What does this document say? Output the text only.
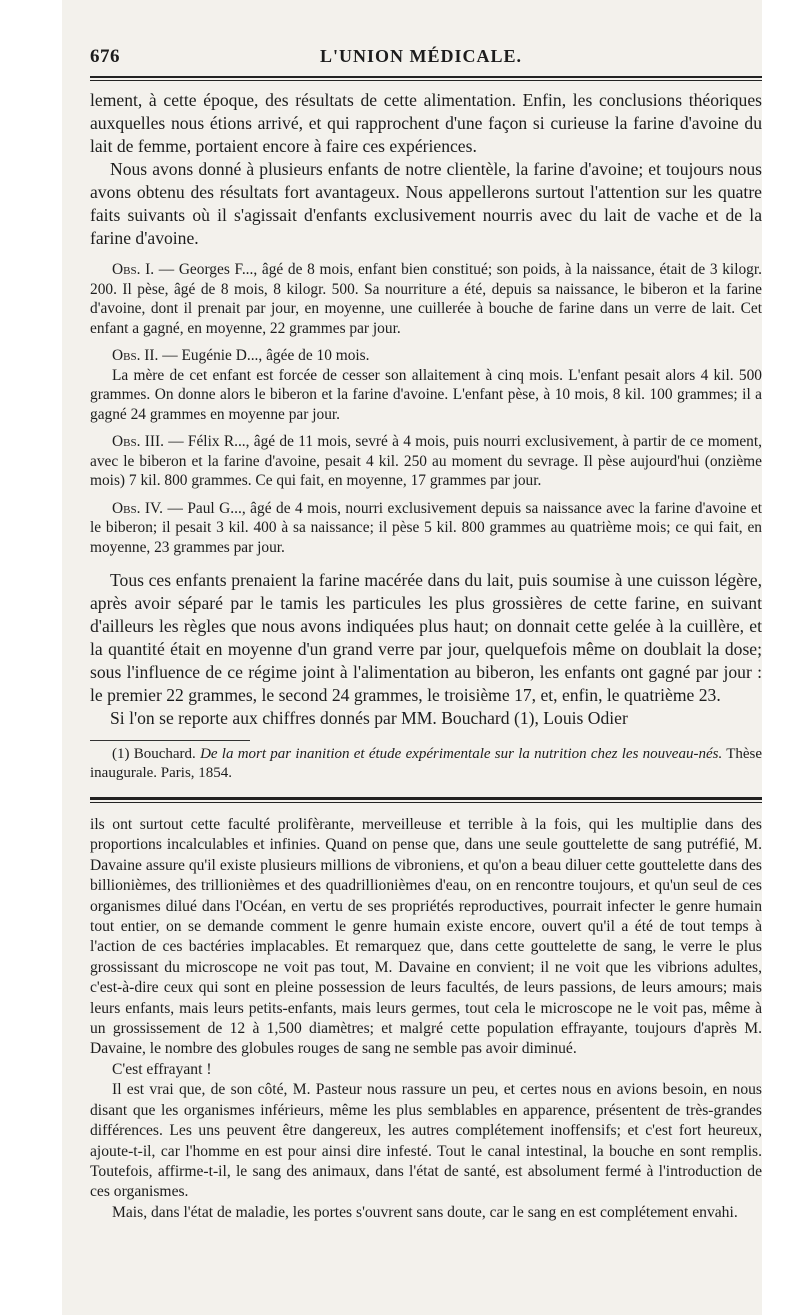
676	L'UNION MÉDICALE.

lement, à cette époque, des résultats de cette alimentation. Enfin, les conclusions théoriques auxquelles nous étions arrivé, et qui rapprochent d'une façon si curieuse la farine d'avoine du lait de femme, portaient encore à faire ces expériences.

Nous avons donné à plusieurs enfants de notre clientèle, la farine d'avoine; et toujours nous avons obtenu des résultats fort avantageux. Nous appellerons surtout l'attention sur les quatre faits suivants où il s'agissait d'enfants exclusivement nourris avec du lait de vache et de la farine d'avoine.

Obs. I. — Georges F..., âgé de 8 mois, enfant bien constitué; son poids, à la naissance, était de 3 kilogr. 200. Il pèse, âgé de 8 mois, 8 kilogr. 500. Sa nourriture a été, depuis sa naissance, le biberon et la farine d'avoine, dont il prenait par jour, en moyenne, une cuillerée à bouche de farine dans un verre de lait. Cet enfant a gagné, en moyenne, 22 grammes par jour.

Obs. II. — Eugénie D..., âgée de 10 mois.

La mère de cet enfant est forcée de cesser son allaitement à cinq mois. L'enfant pesait alors 4 kil. 500 grammes. On donne alors le biberon et la farine d'avoine. L'enfant pèse, à 10 mois, 8 kil. 100 grammes; il a gagné 24 grammes en moyenne par jour.

Obs. III. — Félix R..., âgé de 11 mois, sevré à 4 mois, puis nourri exclusivement, à partir de ce moment, avec le biberon et la farine d'avoine, pesait 4 kil. 250 au moment du sevrage. Il pèse aujourd'hui (onzième mois) 7 kil. 800 grammes. Ce qui fait, en moyenne, 17 grammes par jour.

Obs. IV. — Paul G..., âgé de 4 mois, nourri exclusivement depuis sa naissance avec la farine d'avoine et le biberon; il pesait 3 kil. 400 à sa naissance; il pèse 5 kil. 800 grammes au quatrième mois; ce qui fait, en moyenne, 23 grammes par jour.

Tous ces enfants prenaient la farine macérée dans du lait, puis soumise à une cuisson légère, après avoir séparé par le tamis les particules les plus grossières de cette farine, en suivant d'ailleurs les règles que nous avons indiquées plus haut; on donnait cette gelée à la cuillère, et la quantité était en moyenne d'un grand verre par jour, quelquefois même on doublait la dose; sous l'influence de ce régime joint à l'alimentation au biberon, les enfants ont gagné par jour : le premier 22 grammes, le second 24 grammes, le troisième 17, et, enfin, le quatrième 23.

Si l'on se reporte aux chiffres donnés par MM. Bouchard (1), Louis Odier

(1) Bouchard. De la mort par inanition et étude expérimentale sur la nutrition chez les nouveau-nés. Thèse inaugurale. Paris, 1854.

ils ont surtout cette faculté prolifèrante, merveilleuse et terrible à la fois, qui les multiplie dans des proportions incalculables et infinies. Quand on pense que, dans une seule gouttelette de sang putréfié, M. Davaine assure qu'il existe plusieurs millions de vibroniens, et qu'on a beau diluer cette gouttelette dans des billionièmes, des trillionièmes et des quadrillionièmes d'eau, on en rencontre toujours, et qu'un seul de ces organismes dilué dans l'Océan, en vertu de ses propriétés reproductives, pourrait infecter le genre humain tout entier, on se demande comment le genre humain existe encore, ouvert qu'il a été de tout temps à l'action de ces bactéries implacables. Et remarquez que, dans cette gouttelette de sang, le verre le plus grossissant du microscope ne voit pas tout, M. Davaine en convient; il ne voit que les vibrions adultes, c'est-à-dire ceux qui sont en pleine possession de leurs facultés, de leurs passions, de leurs amours; mais leurs enfants, mais leurs petits-enfants, mais leurs germes, tout cela le microscope ne le voit pas, même à un grossissement de 12 à 1,500 diamètres; et malgré cette population effrayante, toujours d'après M. Davaine, le nombre des globules rouges de sang ne semble pas avoir diminué.

C'est effrayant !

Il est vrai que, de son côté, M. Pasteur nous rassure un peu, et certes nous en avions besoin, en nous disant que les organismes inférieurs, même les plus semblables en apparence, présentent de très-grandes différences. Les uns peuvent être dangereux, les autres complétement inoffensifs; et c'est fort heureux, ajoute-t-il, car l'homme en est pour ainsi dire infesté. Tout le canal intestinal, la bouche en sont remplis. Toutefois, affirme-t-il, le sang des animaux, dans l'état de santé, est absolument fermé à l'introduction de ces organismes.

Mais, dans l'état de maladie, les portes s'ouvrent sans doute, car le sang en est complétement envahi.
